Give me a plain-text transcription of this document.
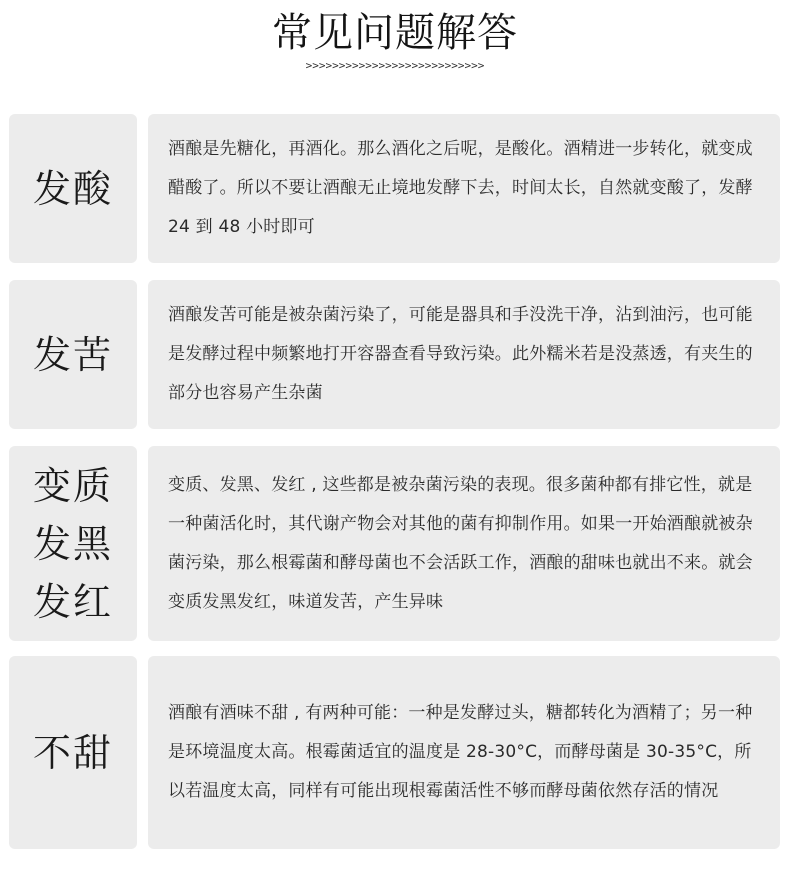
常见问题解答
>>>>>>>>>>>>>>>>>>>>>>>>>>>
发酸
酒酿是先糖化，再酒化。那么酒化之后呢，是酸化。酒精进一步转化，就变成醋酸了。所以不要让酒酿无止境地发酵下去，时间太长，自然就变酸了，发酵 24 到 48 小时即可
发苦
酒酿发苦可能是被杂菌污染了，可能是器具和手没洗干净，沾到油污，也可能是发酵过程中频繁地打开容器查看导致污染。此外糯米若是没蒸透，有夹生的部分也容易产生杂菌
变质
发黑
发红
变质、发黑、发红 , 这些都是被杂菌污染的表现。很多菌种都有排它性，就是一种菌活化时，其代谢产物会对其他的菌有抑制作用。如果一开始酒酿就被杂菌污染，那么根霉菌和酵母菌也不会活跃工作，酒酿的甜味也就出不来。就会变质发黑发红，味道发苦，产生异味
不甜
酒酿有酒味不甜 , 有两种可能：一种是发酵过头，糖都转化为酒精了；另一种是环境温度太高。根霉菌适宜的温度是 28-30°C，而酵母菌是 30-35°C，所以若温度太高，同样有可能出现根霉菌活性不够而酵母菌依然存活的情况
